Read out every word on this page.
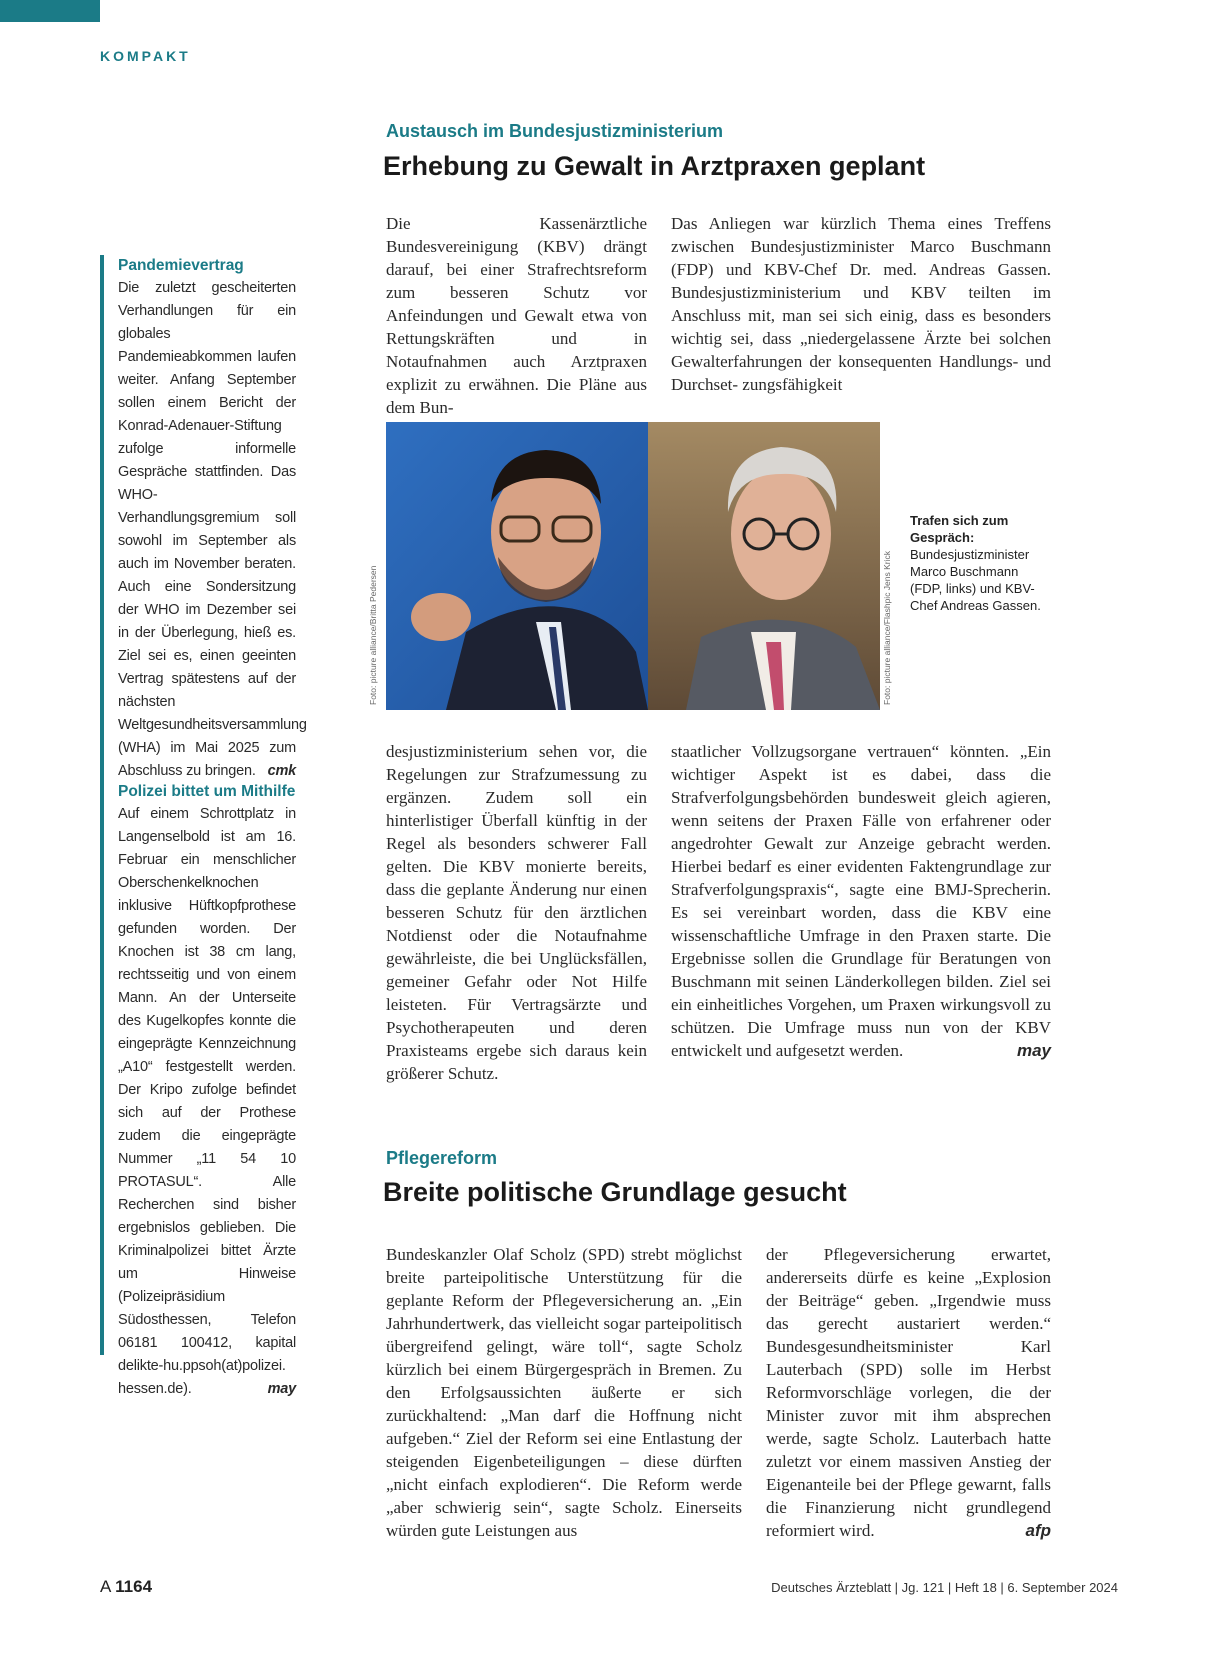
KOMPAKT
Pandemievertrag
Die zuletzt gescheiterten Verhandlungen für ein globales Pandemieabkommen laufen weiter. Anfang September sollen einem Bericht der Konrad-Adenauer-Stiftung zufolge informelle Gespräche stattfinden. Das WHO-Verhandlungsgremium soll sowohl im September als auch im November beraten. Auch eine Sondersitzung der WHO im Dezember sei in der Überlegung, hieß es. Ziel sei es, einen geeinten Vertrag spätestens auf der nächsten Weltgesundheitsversammlung (WHA) im Mai 2025 zum Abschluss zu bringen. cmk
Polizei bittet um Mithilfe
Auf einem Schrottplatz in Langenselbold ist am 16. Februar ein menschlicher Oberschenkelknochen inklusive Hüftkopfprothese gefunden worden. Der Knochen ist 38 cm lang, rechtsseitig und von einem Mann. An der Unterseite des Kugelkopfes konnte die eingeprägte Kennzeichnung „A10“ festgestellt werden. Der Kripo zufolge befindet sich auf der Prothese zudem die eingeprägte Nummer „11 54 10 PROTASUL“. Alle Recherchen sind bisher ergebnislos geblieben. Die Kriminalpolizei bittet Ärzte um Hinweise (Polizeipräsidium Südosthessen, Telefon 06181 100412, kapital delikte-hu.ppsoh(at)polizei. hessen.de).	may
Austausch im Bundesjustizministerium
Erhebung zu Gewalt in Arztpraxen geplant
Die Kassenärztliche Bundesvereinigung (KBV) drängt darauf, bei einer Strafrechtsreform zum besseren Schutz vor Anfeindungen und Gewalt etwa von Rettungskräften und in Notaufnahmen auch Arztpraxen explizit zu erwähnen. Die Pläne aus dem Bun-
Das Anliegen war kürzlich Thema eines Treffens zwischen Bundesjustizminister Marco Buschmann (FDP) und KBV-Chef Dr. med. Andreas Gassen. Bundesjustizministerium und KBV teilten im Anschluss mit, man sei sich einig, dass es besonders wichtig sei, dass „niedergelassene Ärzte bei solchen Gewalterfahrungen der konsequenten Handlungs- und Durchset- zungsfähigkeit
Foto: picture alliance/Britta Pedersen	Foto: picture alliance/Flashpic Jens Krick
Trafen sich zum Gespräch:
Bundesjustizminister Marco Buschmann (FDP, links) und KBV-Chef Andreas Gassen.
desjustizministerium sehen vor, die Regelungen zur Strafzumessung zu ergänzen. Zudem soll ein hinterlistiger Überfall künftig in der Regel als besonders schwerer Fall gelten. Die KBV monierte bereits, dass die geplante Änderung nur einen besseren Schutz für den ärztlichen Notdienst oder die Notaufnahme gewährleiste, die bei Unglücksfällen, gemeiner Gefahr oder Not Hilfe leisteten. Für Vertragsärzte und Psychotherapeuten und deren Praxisteams ergebe sich daraus kein größerer Schutz.
staatlicher Vollzugsorgane vertrauen“ könnten. „Ein wichtiger Aspekt ist es dabei, dass die Strafverfolgungsbehörden bundesweit gleich agieren, wenn seitens der Praxen Fälle von erfahrener oder angedrohter Gewalt zur Anzeige gebracht werden. Hierbei bedarf es einer evidenten Faktengrundlage zur Strafverfolgungspraxis“, sagte eine BMJ-Sprecherin. Es sei vereinbart worden, dass die KBV eine wissenschaftliche Umfrage in den Praxen starte. Die Ergebnisse sollen die Grundlage für Beratungen von Buschmann mit seinen Länderkollegen bilden. Ziel sei ein einheitliches Vorgehen, um Praxen wirkungsvoll zu schützen. Die Umfrage muss nun von der KBV entwickelt und aufgesetzt werden.	may
Pflegereform
Breite politische Grundlage gesucht
Bundeskanzler Olaf Scholz (SPD) strebt möglichst breite parteipolitische Unterstützung für die geplante Reform der Pflegeversicherung an. „Ein Jahrhundertwerk, das vielleicht sogar parteipolitisch übergreifend gelingt, wäre toll“, sagte Scholz kürzlich bei einem Bürgergespräch in Bremen. Zu den Erfolgsaussichten äußerte er sich zurückhaltend: „Man darf die Hoffnung nicht aufgeben.“ Ziel der Reform sei eine Entlastung der steigenden Eigenbeteiligungen – diese dürften „nicht einfach explodieren“. Die Reform werde „aber schwierig sein“, sagte Scholz. Einerseits würden gute Leistungen aus
der Pflegeversicherung erwartet, andererseits dürfe es keine „Explosion der Beiträge“ geben. „Irgendwie muss das gerecht austariert werden.“ Bundesgesundheitsminister Karl Lauterbach (SPD) solle im Herbst Reformvorschläge vorlegen, die der Minister zuvor mit ihm absprechen werde, sagte Scholz. Lauterbach hatte zuletzt vor einem massiven Anstieg der Eigenanteile bei der Pflege gewarnt, falls die Finanzierung nicht grundlegend reformiert wird.	afp
A 1164	Deutsches Ärzteblatt | Jg. 121 | Heft 18 | 6. September 2024
